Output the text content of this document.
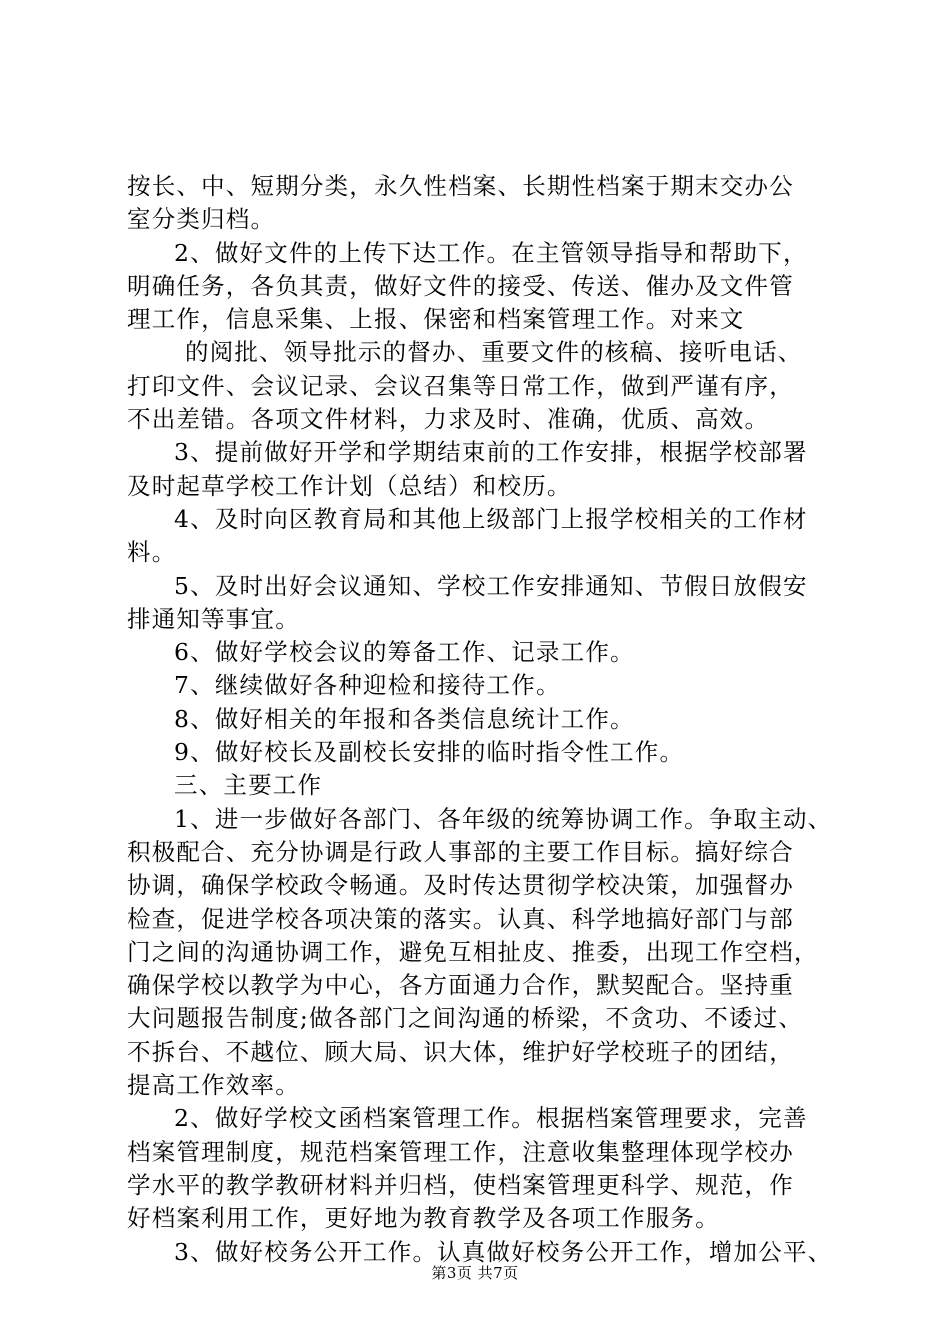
按长、中、短期分类，永久性档案、长期性档案于期末交办公
室分类归档。
2、做好文件的上传下达工作。在主管领导指导和帮助下，
明确任务，各负其责，做好文件的接受、传送、催办及文件管
理工作，信息采集、上报、保密和档案管理工作。对来文
的阅批、领导批示的督办、重要文件的核稿、接听电话、
打印文件、会议记录、会议召集等日常工作，做到严谨有序，
不出差错。各项文件材料，力求及时、准确，优质、高效。
3、提前做好开学和学期结束前的工作安排，根据学校部署
及时起草学校工作计划（总结）和校历。
4、及时向区教育局和其他上级部门上报学校相关的工作材
料。
5、及时出好会议通知、学校工作安排通知、节假日放假安
排通知等事宜。
6、做好学校会议的筹备工作、记录工作。
7、继续做好各种迎检和接待工作。
8、做好相关的年报和各类信息统计工作。
9、做好校长及副校长安排的临时指令性工作。
三、主要工作
1、进一步做好各部门、各年级的统筹协调工作。争取主动、
积极配合、充分协调是行政人事部的主要工作目标。搞好综合
协调，确保学校政令畅通。及时传达贯彻学校决策，加强督办
检查，促进学校各项决策的落实。认真、科学地搞好部门与部
门之间的沟通协调工作，避免互相扯皮、推委，出现工作空档，
确保学校以教学为中心，各方面通力合作，默契配合。坚持重
大问题报告制度;做各部门之间沟通的桥梁，不贪功、不诿过、
不拆台、不越位、顾大局、识大体，维护好学校班子的团结，
提高工作效率。
2、做好学校文函档案管理工作。根据档案管理要求，完善
档案管理制度，规范档案管理工作，注意收集整理体现学校办
学水平的教学教研材料并归档，使档案管理更科学、规范，作
好档案利用工作，更好地为教育教学及各项工作服务。
3、做好校务公开工作。认真做好校务公开工作，增加公平、
第3页 共7页
